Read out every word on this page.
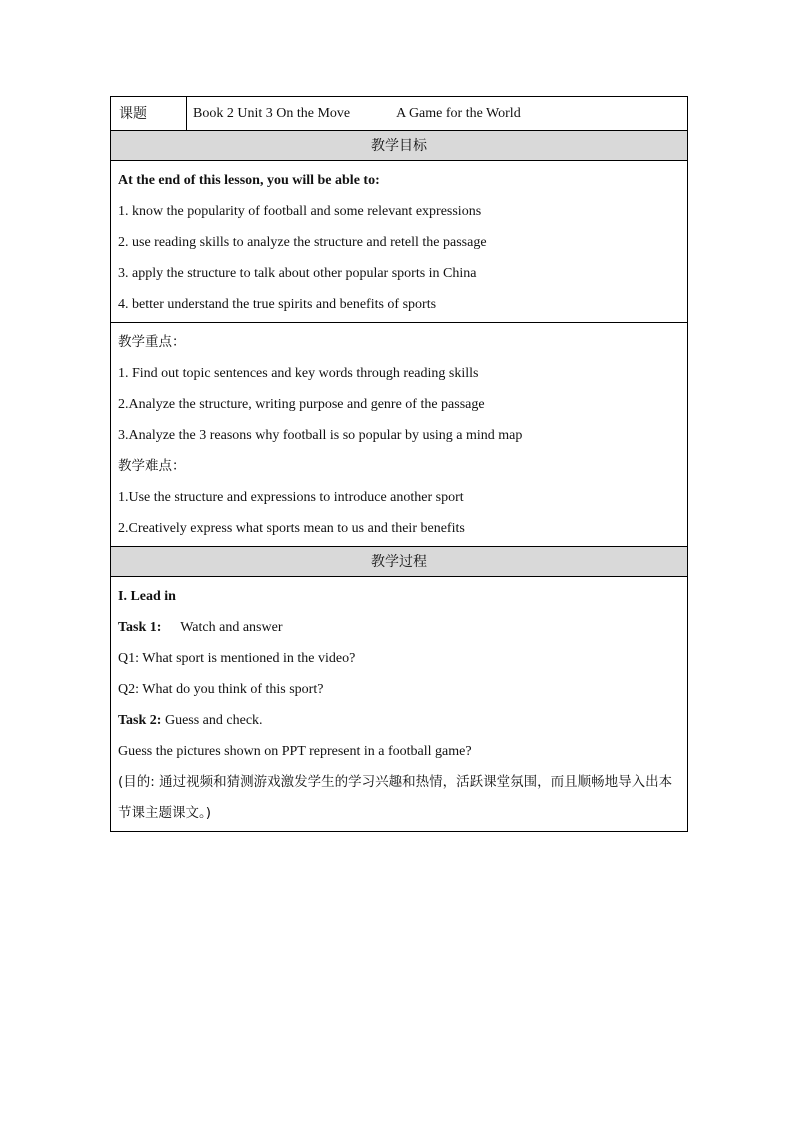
课题	Book 2 Unit 3 On the Move	A Game for the World
教学目标
At the end of this lesson, you will be able to:
1. know the popularity of football and some relevant expressions
2. use reading skills to analyze the structure and retell the passage
3. apply the structure to talk about other popular sports in China
4. better understand the true spirits and benefits of sports
教学重点：
1. Find out topic sentences and key words through reading skills
2.Analyze the structure, writing purpose and genre of the passage
3.Analyze the 3 reasons why football is so popular by using a mind map
教学难点：
1.Use the structure and expressions to introduce another sport
2.Creatively express what sports mean to us and their benefits
教学过程
I. Lead in
Task 1: Watch and answer
Q1: What sport is mentioned in the video?
Q2: What do you think of this sport?
Task 2: Guess and check.
Guess the pictures shown on PPT represent in a football game?
(目的: 通过视频和猜测游戏激发学生的学习兴趣和热情，活跃课堂氛围，而且顺畅地导入出本节课主题课文。)
